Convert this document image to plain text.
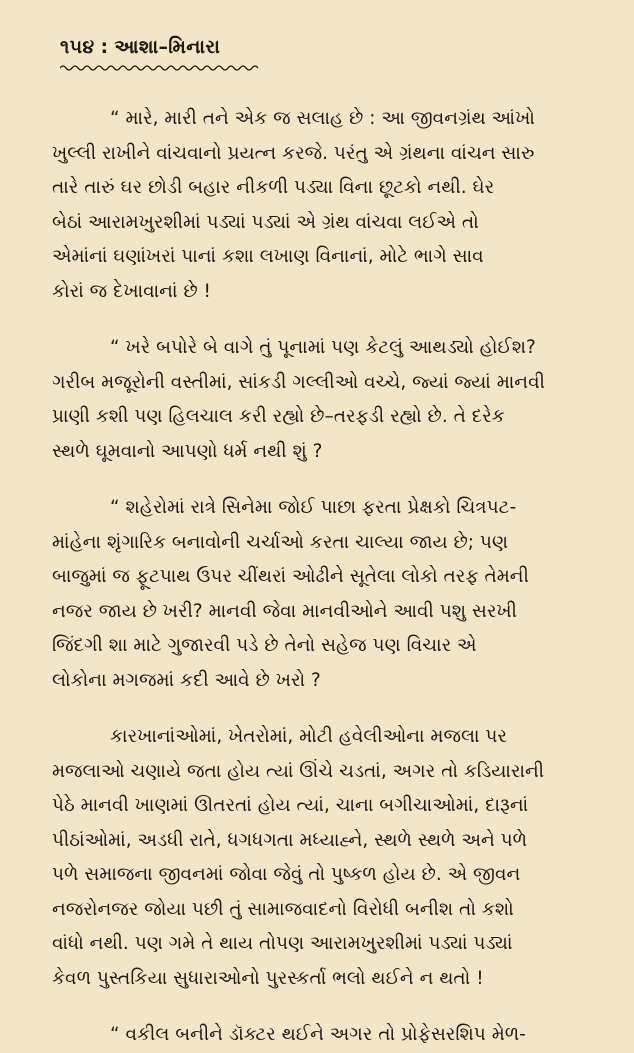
૧૫૪ : આશા–મિનારા
“ મારે, મારી તને એક જ સલાહ છે : આ જીવનગ્રંથ આંખો
ખુલ્લી રાખીને વાંચવાનો પ્રયત્ન કરજે. પરંતુ એ ગ્રંથના વાંચન સારુ
તારે તારું ઘર છોડી બહાર નીકળી પડ્યા વિના છૂટકો નથી. ઘેર
બેઠાં આરામખુરશીમાં પડ્યાં પડ્યાં એ ગ્રંથ વાંચવા લઈએ તો
એમાંનાં ઘણાંખરાં પાનાં કશા લખાણ વિનાનાં, મોટે ભાગે સાવ
કોરાં જ દેખાવાનાં છે !
“ ખરે બપોરે બે વાગે તું પૂનામાં પણ કેટલું આથડ્યો હોઈશ?
ગરીબ મજૂરોની વસ્તીમાં, સાંકડી ગલ્લીઓ વચ્ચે, જ્યાં જ્યાં માનવી
પ્રાણી કશી પણ હિલચાલ કરી રહ્યો છે–તરફડી રહ્યો છે. તે દરેક
સ્થળે ઘૂમવાનો આપણો ધર્મ નથી શું ?
“ શહેરોમાં રાત્રે સિનેમા જોઈ પાછા ફરતા પ્રેક્ષકો ચિત્રપટ-
માંહેના શૃંગારિક બનાવોની ચર્ચાઓ કરતા ચાલ્યા જાય છે; પણ
બાજુમાં જ ફૂટપાથ ઉપર ચીંથરાં ઓઢીને સૂતેલા લોકો તરફ તેમની
નજર જાય છે ખરી? માનવી જેવા માનવીઓને આવી પશુ સરખી
જિંદગી શા માટે ગુજારવી પડે છે તેનો સહેજ પણ વિચાર એ
લોકોના મગજમાં કદી આવે છે ખરો ?
કારખાનાંઓમાં, ખેતરોમાં, મોટી હવેલીઓના મજલા પર
મજલાઓ ચણાયે જતા હોય ત્યાં ઊંચે ચડતાં, અગર તો કડિયારાની
પેઠે માનવી ખાણમાં ઊતરતાં હોય ત્યાં, ચાના બગીચાઓમાં, દારૂનાં
પીઠાંઓમાં, અડધી રાતે, ધગધગતા મધ્યાહ્ને, સ્થળે સ્થળે અને પળે
પળે સમાજના જીવનમાં જોવા જેવું તો પુષ્કળ હોય છે. એ જીવન
નજરોનજર જોયા પછી તું સામાજવાદનો વિરોધી બનીશ તો કશો
વાંધો નથી. પણ ગમે તે થાય તોપણ આરામખુરશીમાં પડ્યાં પડ્યાં
કેવળ પુસ્તકિયા સુધારાઓનો પુરસ્કર્તા ભલો થઈને ન થતો !
“ વકીલ બનીને ડૉક્ટર થઈને અગર તો પ્રોફેસરશિપ મેળ-
